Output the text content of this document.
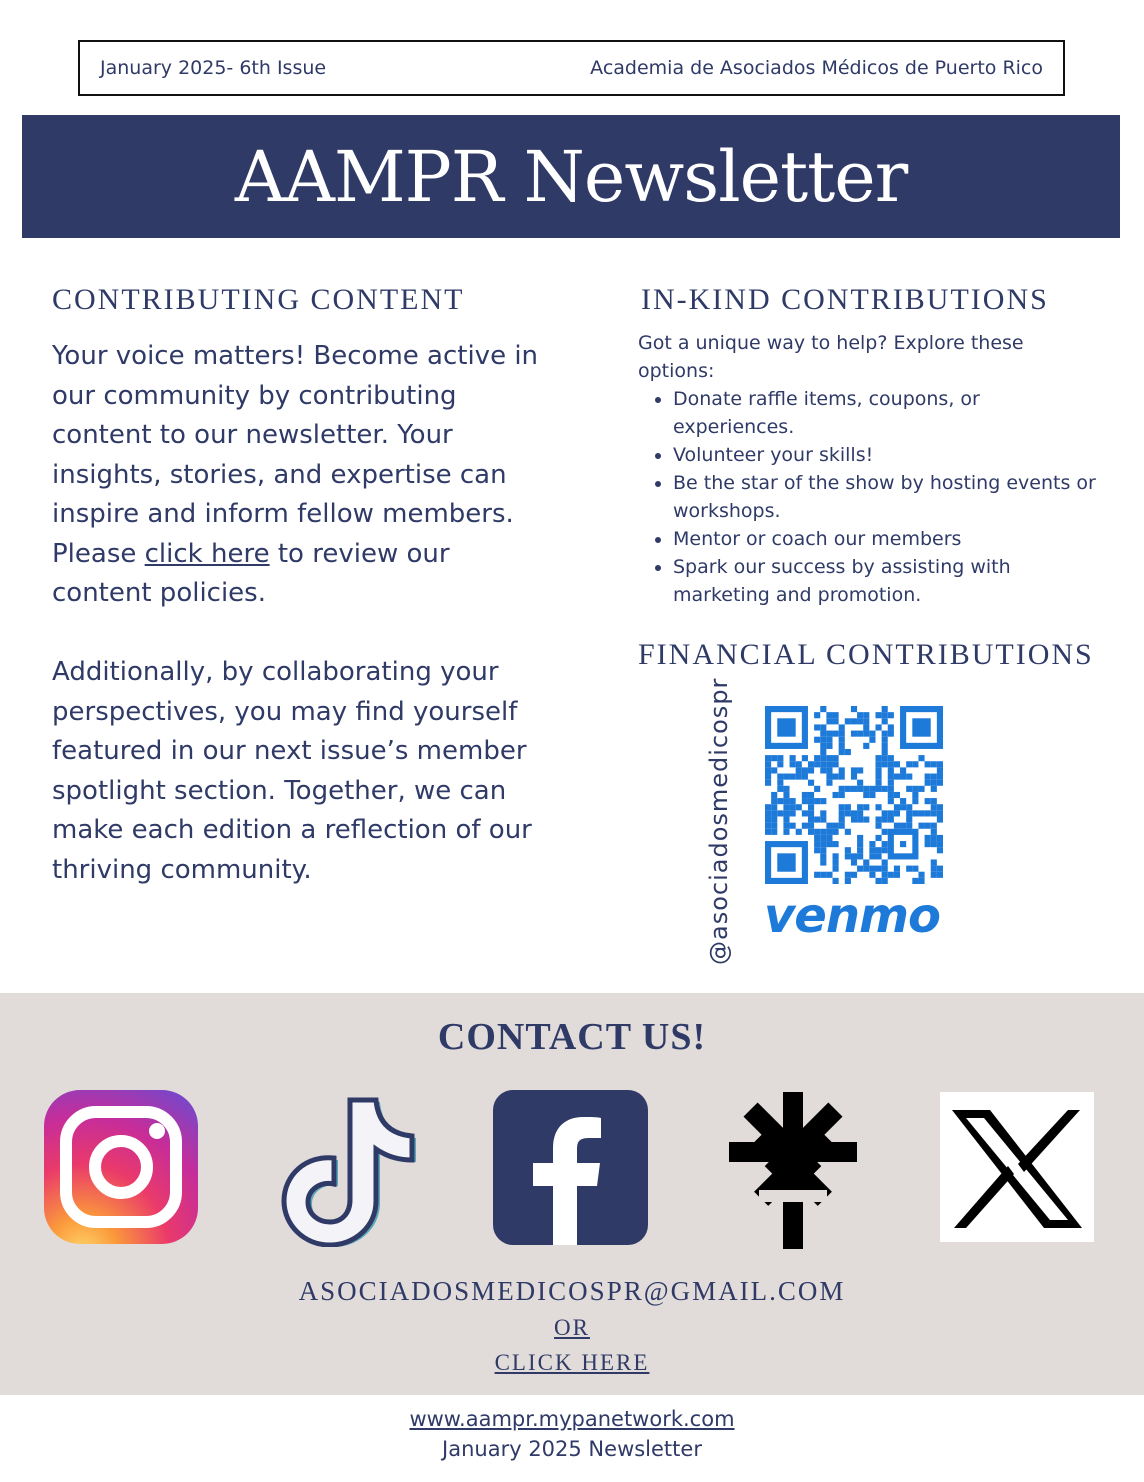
January 2025- 6th Issue	Academia de Asociados Médicos de Puerto Rico
AAMPR Newsletter
CONTRIBUTING CONTENT

Your voice matters! Become active in our community by contributing content to our newsletter. Your insights, stories, and expertise can inspire and inform fellow members. Please click here to review our content policies.

Additionally, by collaborating your perspectives, you may find yourself featured in our next issue’s member spotlight section. Together, we can make each edition a reflection of our thriving community.

IN-KIND CONTRIBUTIONS
Got a unique way to help? Explore these options:
• Donate raffle items, coupons, or experiences.
• Volunteer your skills!
• Be the star of the show by hosting events or workshops.
• Mentor or coach our members
• Spark our success by assisting with marketing and promotion.
FINANCIAL CONTRIBUTIONS
@asociadosmedicospr venmo
CONTACT US!
ASOCIADOSMEDICOSPR@GMAIL.COM
OR
CLICK HERE
www.aampr.mypanetwork.com
January 2025 Newsletter
